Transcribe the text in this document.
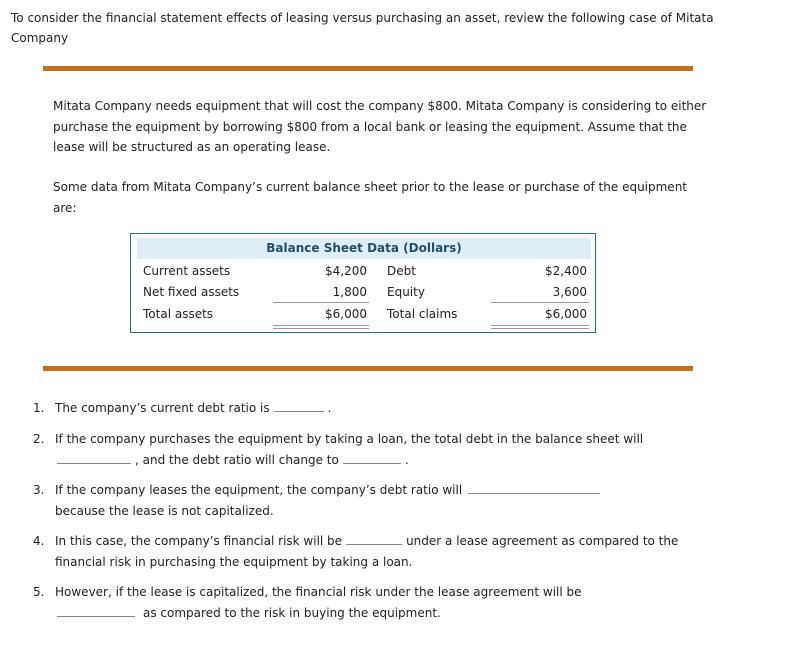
To consider the financial statement effects of leasing versus purchasing an asset, review the following case of Mitata Company
Mitata Company needs equipment that will cost the company $800. Mitata Company is considering to either purchase the equipment by borrowing $800 from a local bank or leasing the equipment. Assume that the lease will be structured as an operating lease.
Some data from Mitata Company’s current balance sheet prior to the lease or purchase of the equipment are:
Balance Sheet Data (Dollars)
Current assets	$4,200 Debt	$2,400
Net fixed assets	1,800 Equity	3,600
Total assets	$6,000 Total claims	$6,000
1. The company’s current debt ratio is	.
2. If the company purchases the equipment by taking a loan, the total debt in the balance sheet will
, and the debt ratio will change to	.
3. If the company leases the equipment, the company’s debt ratio will
because the lease is not capitalized.
4. In this case, the company’s financial risk will be	under a lease agreement as compared to the financial risk in purchasing the equipment by taking a loan.
5. However, if the lease is capitalized, the financial risk under the lease agreement will be
as compared to the risk in buying the equipment.
